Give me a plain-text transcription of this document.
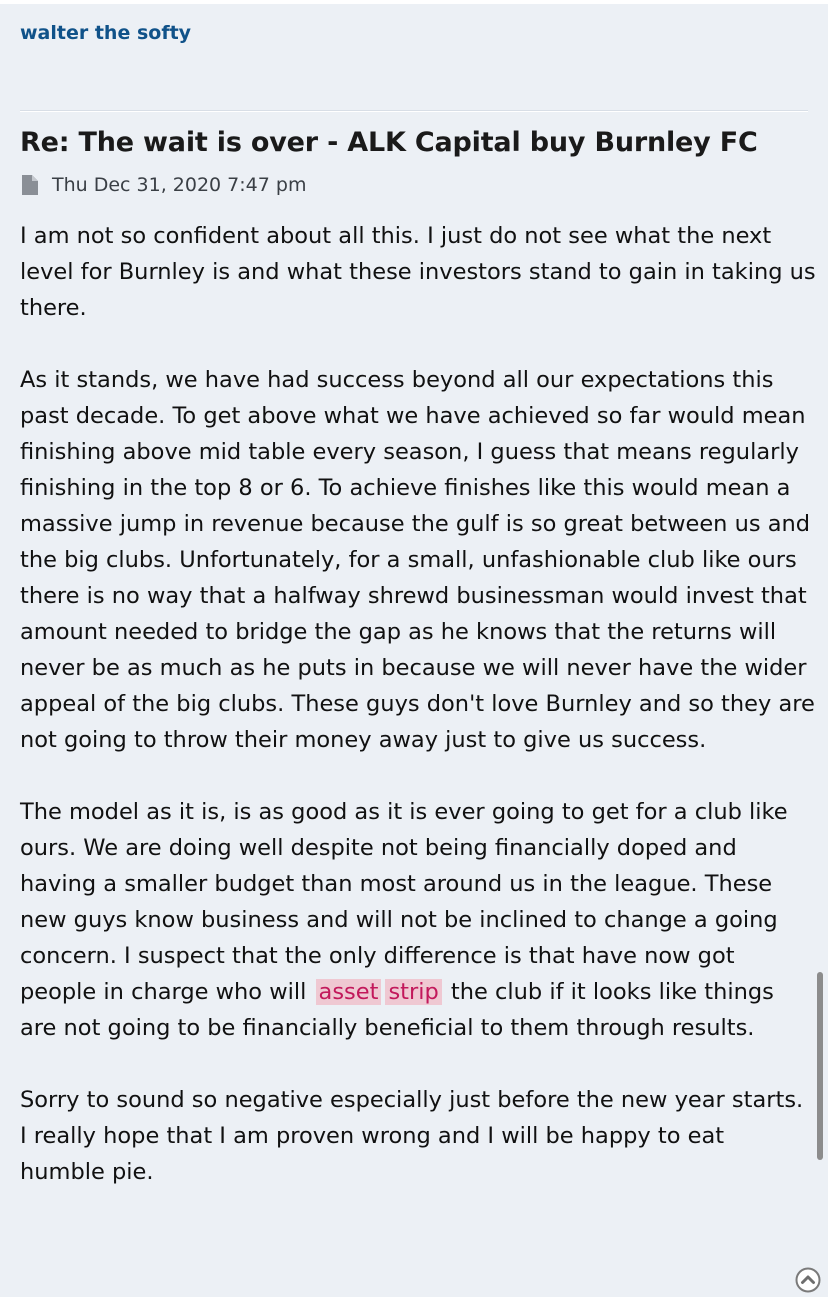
walter the softy
Re: The wait is over - ALK Capital buy Burnley FC
Thu Dec 31, 2020 7:47 pm

I am not so confident about all this. I just do not see what the next level for Burnley is and what these investors stand to gain in taking us there.

As it stands, we have had success beyond all our expectations this past decade. To get above what we have achieved so far would mean finishing above mid table every season, I guess that means regularly finishing in the top 8 or 6. To achieve finishes like this would mean a massive jump in revenue because the gulf is so great between us and the big clubs. Unfortunately, for a small, unfashionable club like ours there is no way that a halfway shrewd businessman would invest that amount needed to bridge the gap as he knows that the returns will never be as much as he puts in because we will never have the wider appeal of the big clubs. These guys don't love Burnley and so they are not going to throw their money away just to give us success.

The model as it is, is as good as it is ever going to get for a club like ours. We are doing well despite not being financially doped and having a smaller budget than most around us in the league. These new guys know business and will not be inclined to change a going concern. I suspect that the only difference is that have now got people in charge who will asset strip the club if it looks like things are not going to be financially beneficial to them through results.

Sorry to sound so negative especially just before the new year starts. I really hope that I am proven wrong and I will be happy to eat humble pie.
